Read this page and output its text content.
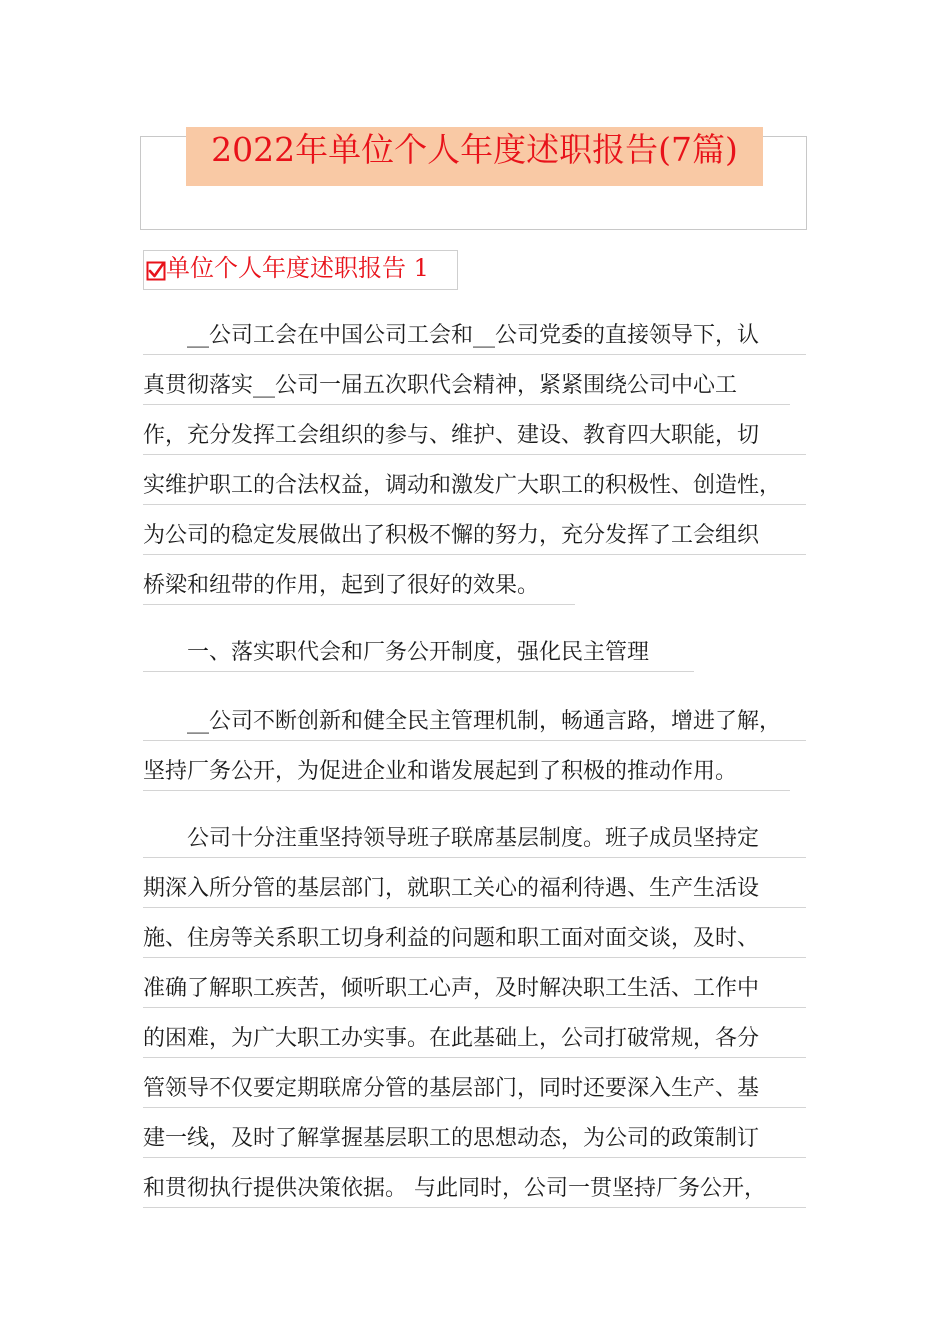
2022年单位个人年度述职报告(7篇)
单位个人年度述职报告 1
　　__公司工会在中国公司工会和__公司党委的直接领导下，认
真贯彻落实__公司一届五次职代会精神，紧紧围绕公司中心工
作，充分发挥工会组织的参与、维护、建设、教育四大职能，切
实维护职工的合法权益，调动和激发广大职工的积极性、创造性，
为公司的稳定发展做出了积极不懈的努力，充分发挥了工会组织
桥梁和纽带的作用，起到了很好的效果。
　　一、落实职代会和厂务公开制度，强化民主管理
　　__公司不断创新和健全民主管理机制，畅通言路，增进了解，
坚持厂务公开，为促进企业和谐发展起到了积极的推动作用。
　　公司十分注重坚持领导班子联席基层制度。班子成员坚持定
期深入所分管的基层部门，就职工关心的福利待遇、生产生活设
施、住房等关系职工切身利益的问题和职工面对面交谈，及时、
准确了解职工疾苦，倾听职工心声，及时解决职工生活、工作中
的困难，为广大职工办实事。在此基础上，公司打破常规，各分
管领导不仅要定期联席分管的基层部门，同时还要深入生产、基
建一线，及时了解掌握基层职工的思想动态，为公司的政策制订
和贯彻执行提供决策依据。 与此同时，公司一贯坚持厂务公开，
